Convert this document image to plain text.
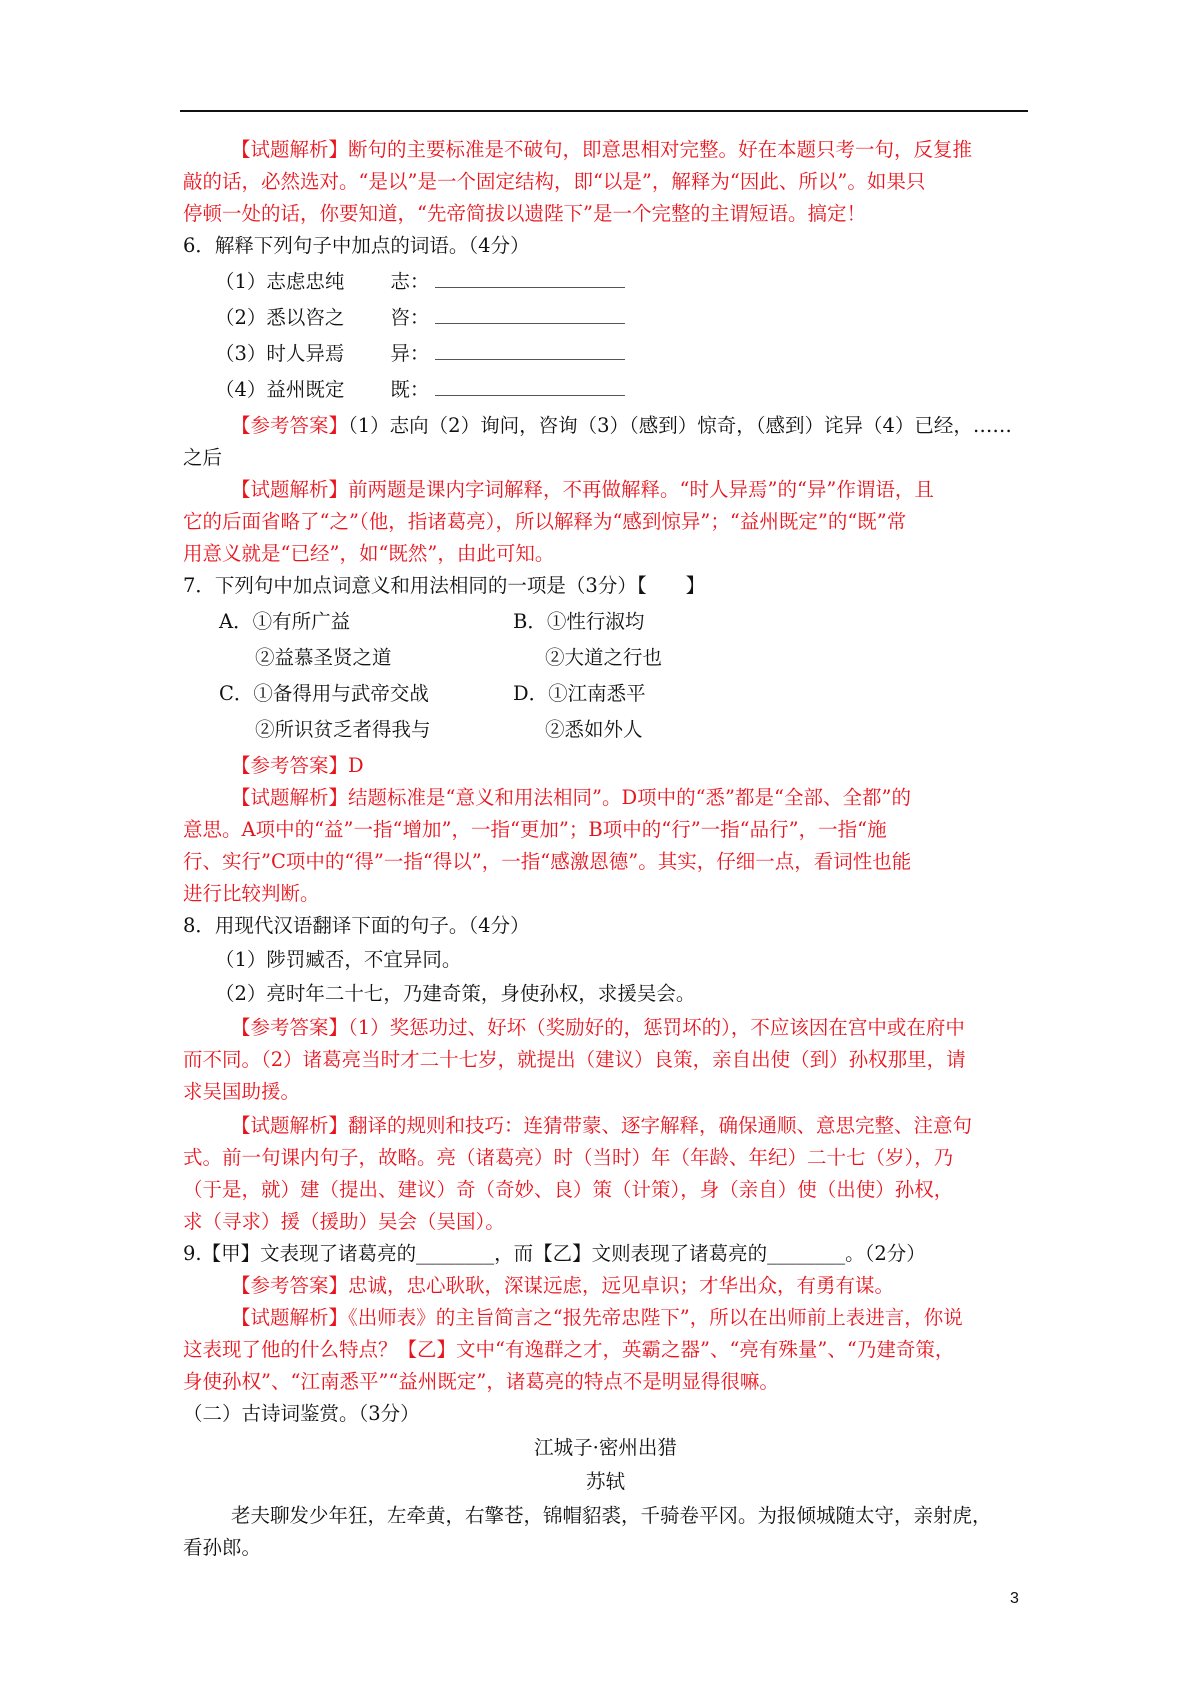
【试题解析】断句的主要标准是不破句，即意思相对完整。好在本题只考一句，反复推
敲的话，必然选对。“是以”是一个固定结构，即“以是”，解释为“因此、所以”。如果只
停顿一处的话，你要知道，“先帝简拔以遗陛下”是一个完整的主谓短语。搞定！
6．解释下列句子中加点的词语。（4分）
（1）志虑忠纯 志：
（2）悉以咨之 咨：
（3）时人异焉 异：
（4）益州既定 既：
【参考答案】（1）志向（2）询问，咨询（3）（感到）惊奇，（感到）诧异（4）已经，……
之后
【试题解析】前两题是课内字词解释，不再做解释。“时人异焉”的“异”作谓语，且
它的后面省略了“之”（他，指诸葛亮），所以解释为“感到惊异”；“益州既定”的“既”常
用意义就是“已经”，如“既然”，由此可知。
7．下列句中加点词意义和用法相同的一项是（3分）【　　】
A．①有所广益	B．①性行淑均
②益慕圣贤之道	②大道之行也
C．①备得用与武帝交战	D．①江南悉平
②所识贫乏者得我与	②悉如外人
【参考答案】D
【试题解析】结题标准是“意义和用法相同”。D项中的“悉”都是“全部、全都”的
意思。A项中的“益”一指“增加”，一指“更加”；B项中的“行”一指“品行”，一指“施
行、实行”C项中的“得”一指“得以”，一指“感激恩德”。其实，仔细一点，看词性也能
进行比较判断。
8．用现代汉语翻译下面的句子。（4分）
（1）陟罚臧否，不宜异同。
（2）亮时年二十七，乃建奇策，身使孙权，求援吴会。
【参考答案】（1）奖惩功过、好坏（奖励好的，惩罚坏的），不应该因在宫中或在府中
而不同。（2）诸葛亮当时才二十七岁，就提出（建议）良策，亲自出使（到）孙权那里，请
求吴国助援。
【试题解析】翻译的规则和技巧：连猜带蒙、逐字解释，确保通顺、意思完整、注意句
式。前一句课内句子，故略。亮（诸葛亮）时（当时）年（年龄、年纪）二十七（岁），乃
（于是，就）建（提出、建议）奇（奇妙、良）策（计策），身（亲自）使（出使）孙权，
求（寻求）援（援助）吴会（吴国）。
9.【甲】文表现了诸葛亮的________，而【乙】文则表现了诸葛亮的________。（2分）
【参考答案】忠诚，忠心耿耿，深谋远虑，远见卓识；才华出众，有勇有谋。
【试题解析】《出师表》的主旨简言之“报先帝忠陛下”，所以在出师前上表进言，你说
这表现了他的什么特点？【乙】文中“有逸群之才，英霸之器”、“亮有殊量”、“乃建奇策，
身使孙权”、“江南悉平”“益州既定”，诸葛亮的特点不是明显得很嘛。
（二）古诗词鉴赏。（3分）
江城子·密州出猎
苏轼
老夫聊发少年狂，左牵黄，右擎苍，锦帽貂裘，千骑卷平冈。为报倾城随太守，亲射虎，
看孙郎。
3
